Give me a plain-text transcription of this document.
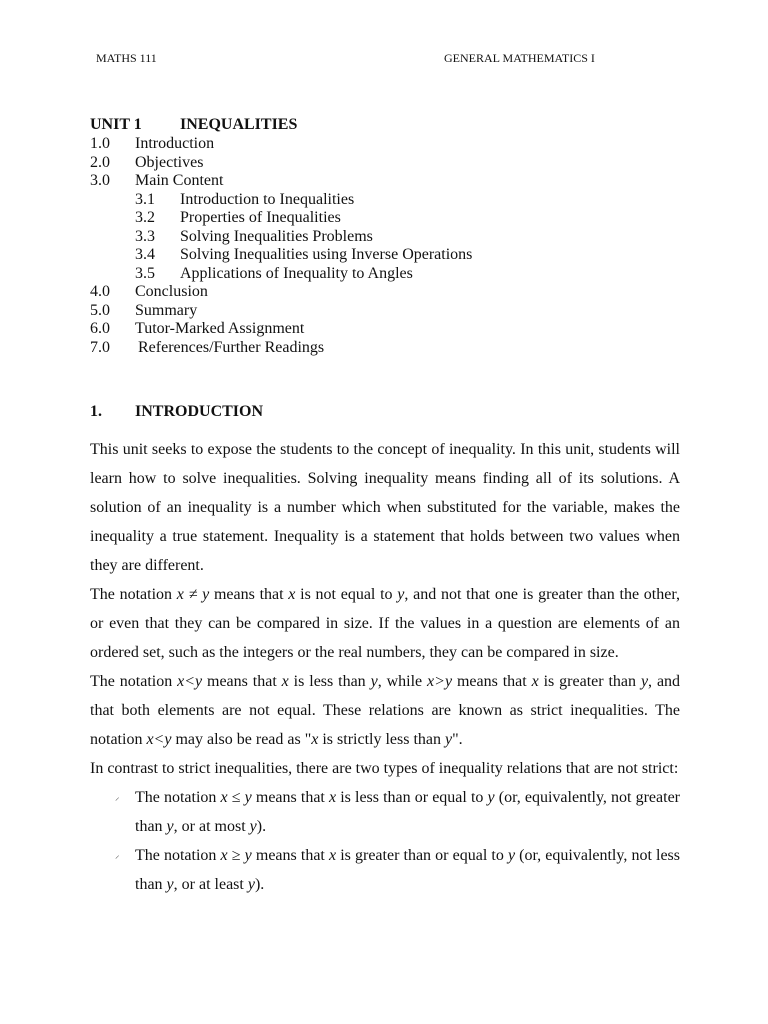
MATHS 111	GENERAL MATHEMATICS I
UNIT 1 INEQUALITIES
1.0 Introduction
2.0 Objectives
3.0 Main Content
3.1 Introduction to Inequalities
3.2 Properties of Inequalities
3.3 Solving Inequalities Problems
3.4 Solving Inequalities using Inverse Operations
3.5 Applications of Inequality to Angles
4.0 Conclusion
5.0 Summary
6.0 Tutor-Marked Assignment
7.0 References/Further Readings
1. INTRODUCTION

This unit seeks to expose the students to the concept of inequality. In this unit, students will learn how to solve inequalities. Solving inequality means finding all of its solutions. A solution of an inequality is a number which when substituted for the variable, makes the inequality a true statement. Inequality is a statement that holds between two values when they are different.

The notation x ≠ y means that x is not equal to y, and not that one is greater than the other, or even that they can be compared in size. If the values in a question are elements of an ordered set, such as the integers or the real numbers, they can be compared in size.

The notation x<y means that x is less than y, while x>y means that x is greater than y, and that both elements are not equal. These relations are known as strict inequalities. The notation x<y may also be read as "x is strictly less than y".

In contrast to strict inequalities, there are two types of inequality relations that are not strict:

⸝ The notation x ≤ y means that x is less than or equal to y (or, equivalently, not greater than y, or at most y).
⸝ The notation x ≥ y means that x is greater than or equal to y (or, equivalently, not less than y, or at least y).
